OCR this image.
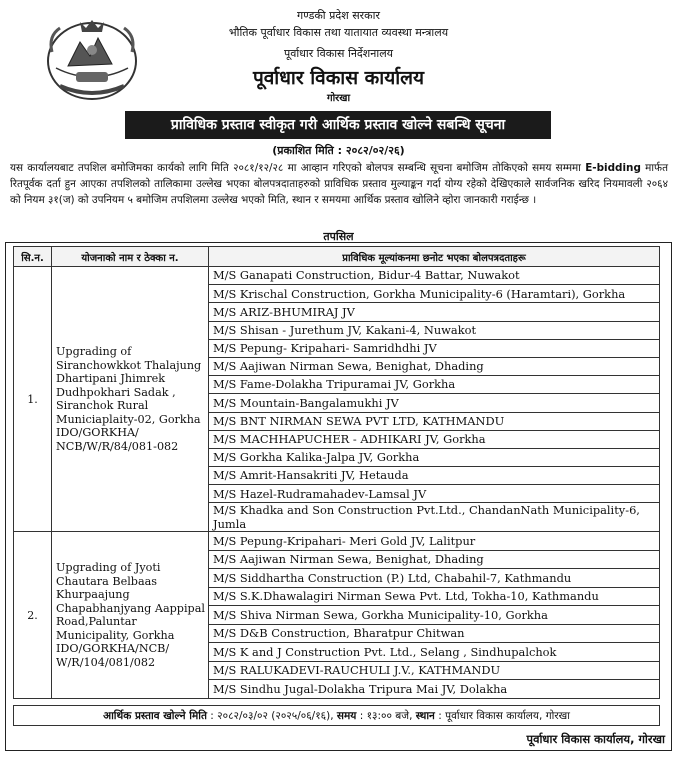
गण्डकी प्रदेश सरकार
भौतिक पूर्वाधार विकास तथा यातायात व्यवस्था मन्त्रालय
पूर्वाधार विकास निर्देशनालय
पूर्वाधार विकास कार्यालय
गोरखा
प्राविधिक प्रस्ताव स्वीकृत गरी आर्थिक प्रस्ताव खोल्ने सबन्धि सूचना
(प्रकाशित मिति : २०८२/०२/२६)

यस कार्यालयबाट तपशिल बमोजिमका कार्यको लागि मिति २०८१/१२/२८ मा आव्हान गरिएको बोलपत्र सम्बन्धि सूचना बमोजिम तोकिएको समय सम्ममा E-bidding मार्फत रितपूर्वक दर्ता हुन आएका तपशिलको तालिकामा उल्लेख भएका बोलपत्रदाताहरुको प्राविधिक प्रस्ताव मुल्याङ्कन गर्दा योग्य रहेको देखिएकाले सार्वजनिक खरिद नियमावली २०६४ को नियम ३१(ज) को उपनियम ५ बमोजिम तपशिलमा उल्लेख भएको मिति, स्थान र समयमा आर्थिक प्रस्ताव खोलिने व्होरा जानकारी गराईन्छ ।

तपसिल
सि.न.	योजनाको नाम र ठेक्का न.	प्राविधिक मूल्यांकनमा छनोट भएका बोलपत्रदताहरू
1.	Upgrading of Siranchowkkot Thalajung Dhartipani Jhimrek Dudhpokhari Sadak , Siranchok Rural Municiaplaity-02, Gorkha IDO/GORKHA/ NCB/W/R/84/081-082	M/S Ganapati Construction, Bidur-4 Battar, Nuwakot
		M/S Krischal Construction, Gorkha Municipality-6 (Haramtari), Gorkha
		M/S ARIZ-BHUMIRAJ JV
		M/S Shisan - Jurethum JV, Kakani-4, Nuwakot
		M/S Pepung- Kripahari- Samridhdhi JV
		M/S Aajiwan Nirman Sewa, Benighat, Dhading
		M/S Fame-Dolakha Tripuramai JV, Gorkha
		M/S Mountain-Bangalamukhi JV
		M/S BNT NIRMAN SEWA PVT LTD, KATHMANDU
		M/S MACHHAPUCHER - ADHIKARI JV, Gorkha
		M/S Gorkha Kalika-Jalpa JV, Gorkha
		M/S Amrit-Hansakriti JV, Hetauda
		M/S Hazel-Rudramahadev-Lamsal JV
		M/S Khadka and Son Construction Pvt.Ltd., ChandanNath Municipality-6, Jumla
2.	Upgrading of Jyoti Chautara Belbaas Khurpaajung Chapabhanjyang Aappipal Road,Paluntar Municipality, Gorkha IDO/GORKHA/NCB/ W/R/104/081/082	M/S Pepung-Kripahari- Meri Gold JV, Lalitpur
		M/S Aajiwan Nirman Sewa, Benighat, Dhading
		M/S Siddhartha Construction (P.) Ltd, Chabahil-7, Kathmandu
		M/S S.K.Dhawalagiri Nirman Sewa Pvt. Ltd, Tokha-10, Kathmandu
		M/S Shiva Nirman Sewa, Gorkha Municipality-10, Gorkha
		M/S D&B Construction, Bharatpur Chitwan
		M/S K and J Construction Pvt. Ltd., Selang , Sindhupalchok
		M/S RALUKADEVI-RAUCHULI J.V., KATHMANDU
		M/S Sindhu Jugal-Dolakha Tripura Mai JV, Dolakha
आर्थिक प्रस्ताव खोल्ने मिति : २०८२/०३/०२ (२०२५/०६/१६), समय : १३:०० बजे, स्थान : पूर्वाधार विकास कार्यालय, गोरखा
पूर्वाधार विकास कार्यालय, गोरखा
